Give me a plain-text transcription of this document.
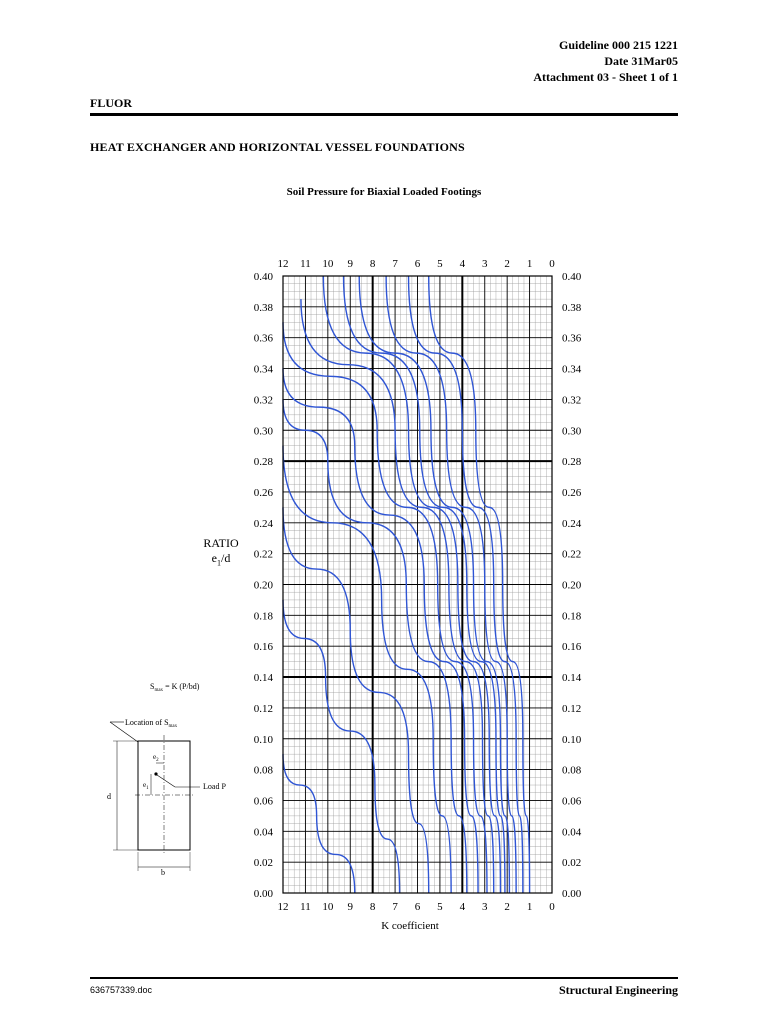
Guideline 000 215 1221
Date 31Mar05
Attachment 03 - Sheet 1 of 1
FLUOR
HEAT EXCHANGER AND HORIZONTAL VESSEL FOUNDATIONS
Soil Pressure for Biaxial Loaded Footings
RATIO
$e_1/d$
12
12
11
11
10
10
9
9
8
8
7
7
6
6
5
5
4
4
3
3
2
2
1
1
0
0
0.00	0.00
0.02	0.02
0.04	0.04
0.06	0.06
0.08	0.08
0.10	0.10
0.12	0.12
0.14	0.14
0.16	0.16
0.18	0.18
0.20	0.20
0.22	0.22
0.24	0.24
0.26	0.26
0.28	0.28
0.30	0.30
0.32	0.32
0.34	0.34
0.36	0.36
0.38	0.38
0.40	0.40
K coefficient
$S_{max} = K$ (P/bd)
Location of $S_{max}$
$e_2$
$e_1$	Load P
d
b
636757339.doc	Structural Engineering
